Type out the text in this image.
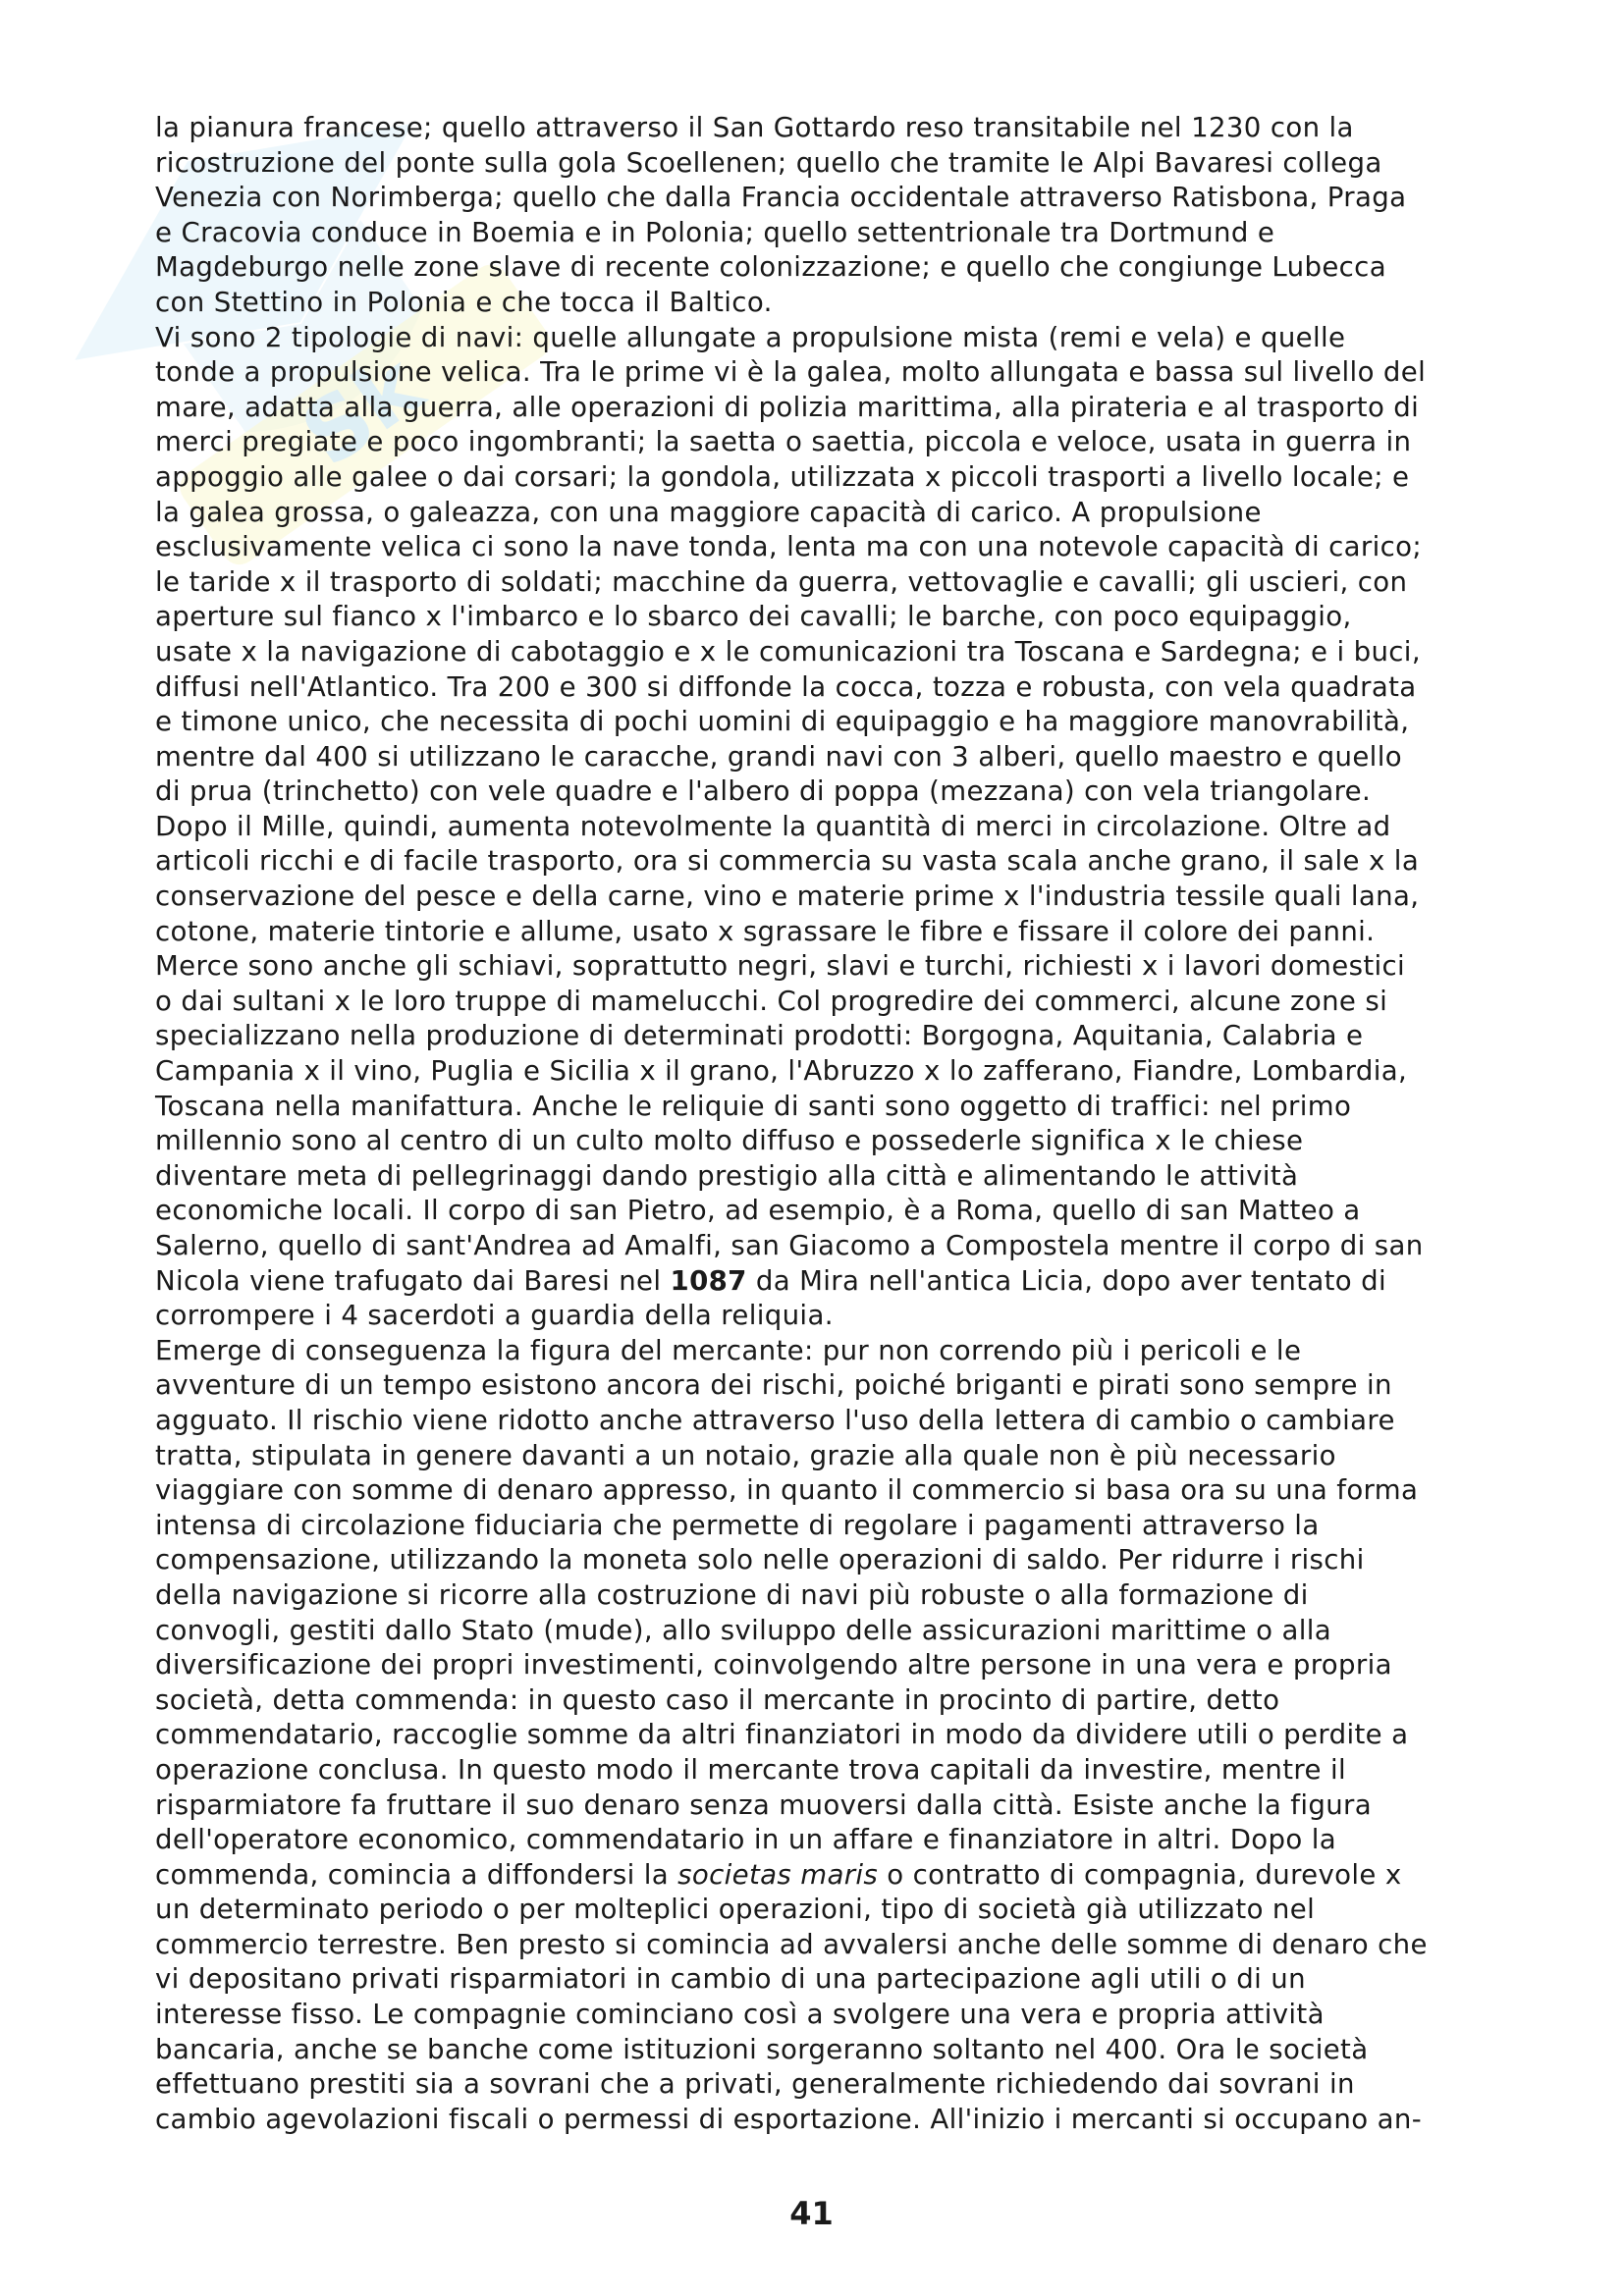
Sk
la pianura francese; quello attraverso il San Gottardo reso transitabile nel 1230 con la
ricostruzione del ponte sulla gola Scoellenen; quello che tramite le Alpi Bavaresi collega
Venezia con Norimberga; quello che dalla Francia occidentale attraverso Ratisbona, Praga
e Cracovia conduce in Boemia e in Polonia; quello settentrionale tra Dortmund e
Magdeburgo nelle zone slave di recente colonizzazione; e quello che congiunge Lubecca
con Stettino in Polonia e che tocca il Baltico.
Vi sono 2 tipologie di navi: quelle allungate a propulsione mista (remi e vela) e quelle
tonde a propulsione velica. Tra le prime vi è la galea, molto allungata e bassa sul livello del
mare, adatta alla guerra, alle operazioni di polizia marittima, alla pirateria e al trasporto di
merci pregiate e poco ingombranti; la saetta o saettia, piccola e veloce, usata in guerra in
appoggio alle galee o dai corsari; la gondola, utilizzata x piccoli trasporti a livello locale; e
la galea grossa, o galeazza, con una maggiore capacità di carico. A propulsione
esclusivamente velica ci sono la nave tonda, lenta ma con una notevole capacità di carico;
le taride x il trasporto di soldati; macchine da guerra, vettovaglie e cavalli; gli uscieri, con
aperture sul fianco x l'imbarco e lo sbarco dei cavalli; le barche, con poco equipaggio,
usate x la navigazione di cabotaggio e x le comunicazioni tra Toscana e Sardegna; e i buci,
diffusi nell'Atlantico. Tra 200 e 300 si diffonde la cocca, tozza e robusta, con vela quadrata
e timone unico, che necessita di pochi uomini di equipaggio e ha maggiore manovrabilità,
mentre dal 400 si utilizzano le caracche, grandi navi con 3 alberi, quello maestro e quello
di prua (trinchetto) con vele quadre e l'albero di poppa (mezzana) con vela triangolare.
Dopo il Mille, quindi, aumenta notevolmente la quantità di merci in circolazione. Oltre ad
articoli ricchi e di facile trasporto, ora si commercia su vasta scala anche grano, il sale x la
conservazione del pesce e della carne, vino e materie prime x l'industria tessile quali lana,
cotone, materie tintorie e allume, usato x sgrassare le fibre e fissare il colore dei panni.
Merce sono anche gli schiavi, soprattutto negri, slavi e turchi, richiesti x i lavori domestici
o dai sultani x le loro truppe di mamelucchi. Col progredire dei commerci, alcune zone si
specializzano nella produzione di determinati prodotti: Borgogna, Aquitania, Calabria e
Campania x il vino, Puglia e Sicilia x il grano, l'Abruzzo x lo zafferano, Fiandre, Lombardia,
Toscana nella manifattura. Anche le reliquie di santi sono oggetto di traffici: nel primo
millennio sono al centro di un culto molto diffuso e possederle significa x le chiese
diventare meta di pellegrinaggi dando prestigio alla città e alimentando le attività
economiche locali. Il corpo di san Pietro, ad esempio, è a Roma, quello di san Matteo a
Salerno, quello di sant'Andrea ad Amalfi, san Giacomo a Compostela mentre il corpo di san
Nicola viene trafugato dai Baresi nel 1087 da Mira nell'antica Licia, dopo aver tentato di
corrompere i 4 sacerdoti a guardia della reliquia.
Emerge di conseguenza la figura del mercante: pur non correndo più i pericoli e le
avventure di un tempo esistono ancora dei rischi, poiché briganti e pirati sono sempre in
agguato. Il rischio viene ridotto anche attraverso l'uso della lettera di cambio o cambiare
tratta, stipulata in genere davanti a un notaio, grazie alla quale non è più necessario
viaggiare con somme di denaro appresso, in quanto il commercio si basa ora su una forma
intensa di circolazione fiduciaria che permette di regolare i pagamenti attraverso la
compensazione, utilizzando la moneta solo nelle operazioni di saldo. Per ridurre i rischi
della navigazione si ricorre alla costruzione di navi più robuste o alla formazione di
convogli, gestiti dallo Stato (mude), allo sviluppo delle assicurazioni marittime o alla
diversificazione dei propri investimenti, coinvolgendo altre persone in una vera e propria
società, detta commenda: in questo caso il mercante in procinto di partire, detto
commendatario, raccoglie somme da altri finanziatori in modo da dividere utili o perdite a
operazione conclusa. In questo modo il mercante trova capitali da investire, mentre il
risparmiatore fa fruttare il suo denaro senza muoversi dalla città. Esiste anche la figura
dell'operatore economico, commendatario in un affare e finanziatore in altri. Dopo la
commenda, comincia a diffondersi la societas maris o contratto di compagnia, durevole x
un determinato periodo o per molteplici operazioni, tipo di società già utilizzato nel
commercio terrestre. Ben presto si comincia ad avvalersi anche delle somme di denaro che
vi depositano privati risparmiatori in cambio di una partecipazione agli utili o di un
interesse fisso. Le compagnie cominciano così a svolgere una vera e propria attività
bancaria, anche se banche come istituzioni sorgeranno soltanto nel 400. Ora le società
effettuano prestiti sia a sovrani che a privati, generalmente richiedendo dai sovrani in
cambio agevolazioni fiscali o permessi di esportazione. All'inizio i mercanti si occupano an-
41
